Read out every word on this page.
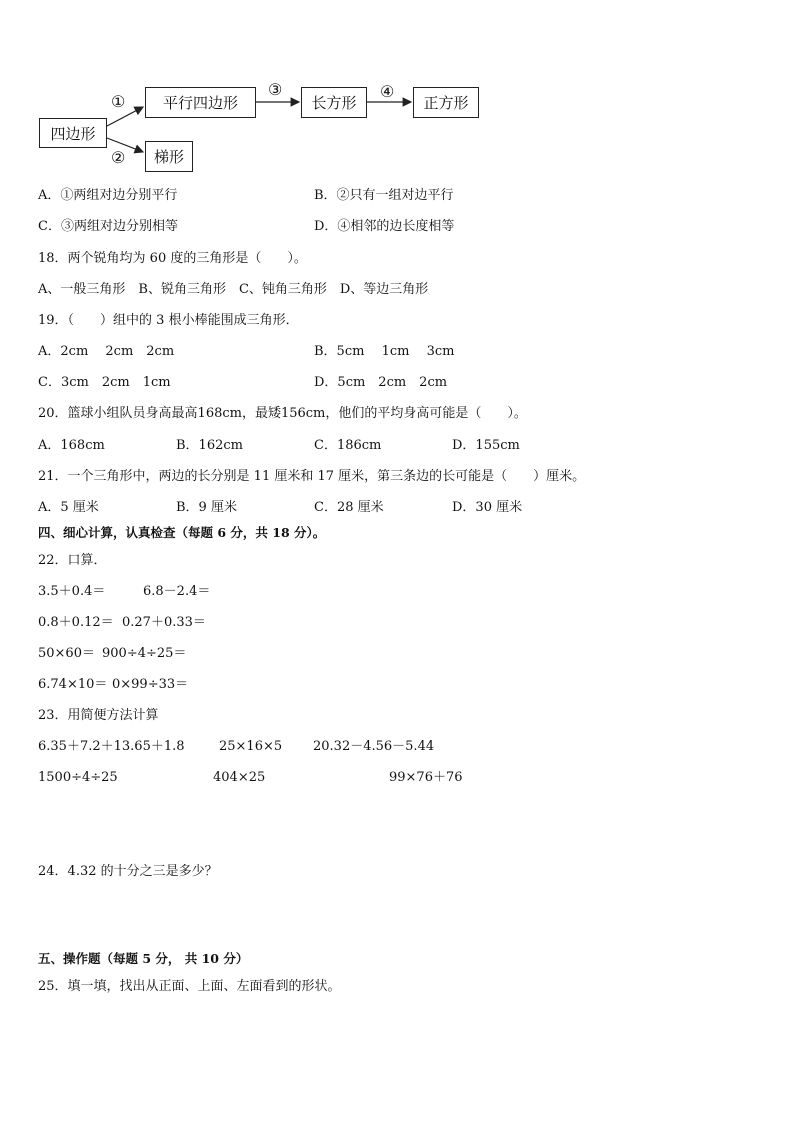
四边形
平行四边形	长方形	正方形
梯形
①
②
③	④
A．①两组对边分别平行	B．②只有一组对边平行
C．③两组对边分别相等	D．④相邻的边长度相等
18．两个锐角均为 60 度的三角形是（　　）。
A、一般三角形　B、锐角三角形　C、钝角三角形　D、等边三角形
19．（　　）组中的 3 根小棒能围成三角形．
A．2cm　 2cm　2cm	B．5cm　 1cm　 3cm
C．3cm　2cm　1cm	D．5cm　2cm　2cm
20．篮球小组队员身高最高168cm，最矮156cm，他们的平均身高可能是（　　）。
A．168cm	B．162cm	C．186cm	D．155cm
21．一个三角形中，两边的长分别是 11 厘米和 17 厘米，第三条边的长可能是（　　）厘米。
A．5 厘米	B．9 厘米	C．28 厘米	D．30 厘米
四、细心计算，认真检查（每题 6 分，共 18 分）。
22．口算．
3.5＋0.4＝	6.8－2.4＝
0.8＋0.12＝ 0.27＋0.33＝
50×60＝ 900÷4÷25＝
6.74×10＝ 0×99÷33＝
23．用简便方法计算
6.35＋7.2＋13.65＋1.8	25×16×5 20.32－4.56－5.44
1500÷4÷25	404×25	99×76＋76
24．4.32 的十分之三是多少？
五、操作题（每题 5 分， 共 10 分）
25．填一填，找出从正面、上面、左面看到的形状。
